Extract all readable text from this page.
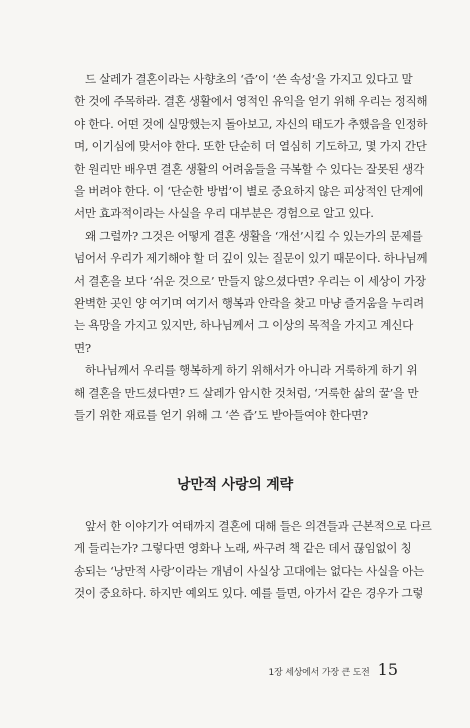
드 살레가 결혼이라는 사향초의 ‘즙’이 ‘쓴 속성’을 가지고 있다고 말
한 것에 주목하라. 결혼 생활에서 영적인 유익을 얻기 위해 우리는 정직해
야 한다. 어떤 것에 실망했는지 돌아보고, 자신의 태도가 추했음을 인정하
며, 이기심에 맞서야 한다. 또한 단순히 더 열심히 기도하고, 몇 가지 간단
한 원리만 배우면 결혼 생활의 어려움들을 극복할 수 있다는 잘못된 생각
을 버려야 한다. 이 ‘단순한 방법’이 별로 중요하지 않은 피상적인 단계에
서만 효과적이라는 사실을 우리 대부분은 경험으로 알고 있다.

왜 그럴까? 그것은 어떻게 결혼 생활을 ‘개선’시킬 수 있는가의 문제를
넘어서 우리가 제기해야 할 더 깊이 있는 질문이 있기 때문이다. 하나님께
서 결혼을 보다 ‘쉬운 것으로’ 만들지 않으셨다면? 우리는 이 세상이 가장
완벽한 곳인 양 여기며 여기서 행복과 안락을 찾고 마냥 즐거움을 누리려
는 욕망을 가지고 있지만, 하나님께서 그 이상의 목적을 가지고 계신다
면?

하나님께서 우리를 행복하게 하기 위해서가 아니라 거룩하게 하기 위
해 결혼을 만드셨다면? 드 살레가 암시한 것처럼, ‘거룩한 삶의 꿀’을 만
들기 위한 재료를 얻기 위해 그 ‘쓴 즙’도 받아들여야 한다면?

낭만적 사랑의 계략

앞서 한 이야기가 여태까지 결혼에 대해 들은 의견들과 근본적으로 다르
게 들리는가? 그렇다면 영화나 노래, 싸구려 책 같은 데서 끊임없이 칭
송되는 ‘낭만적 사랑’이라는 개념이 사실상 고대에는 없다는 사실을 아는
것이 중요하다. 하지만 예외도 있다. 예를 들면, 아가서 같은 경우가 그렇

1장 세상에서 가장 큰 도전 15
